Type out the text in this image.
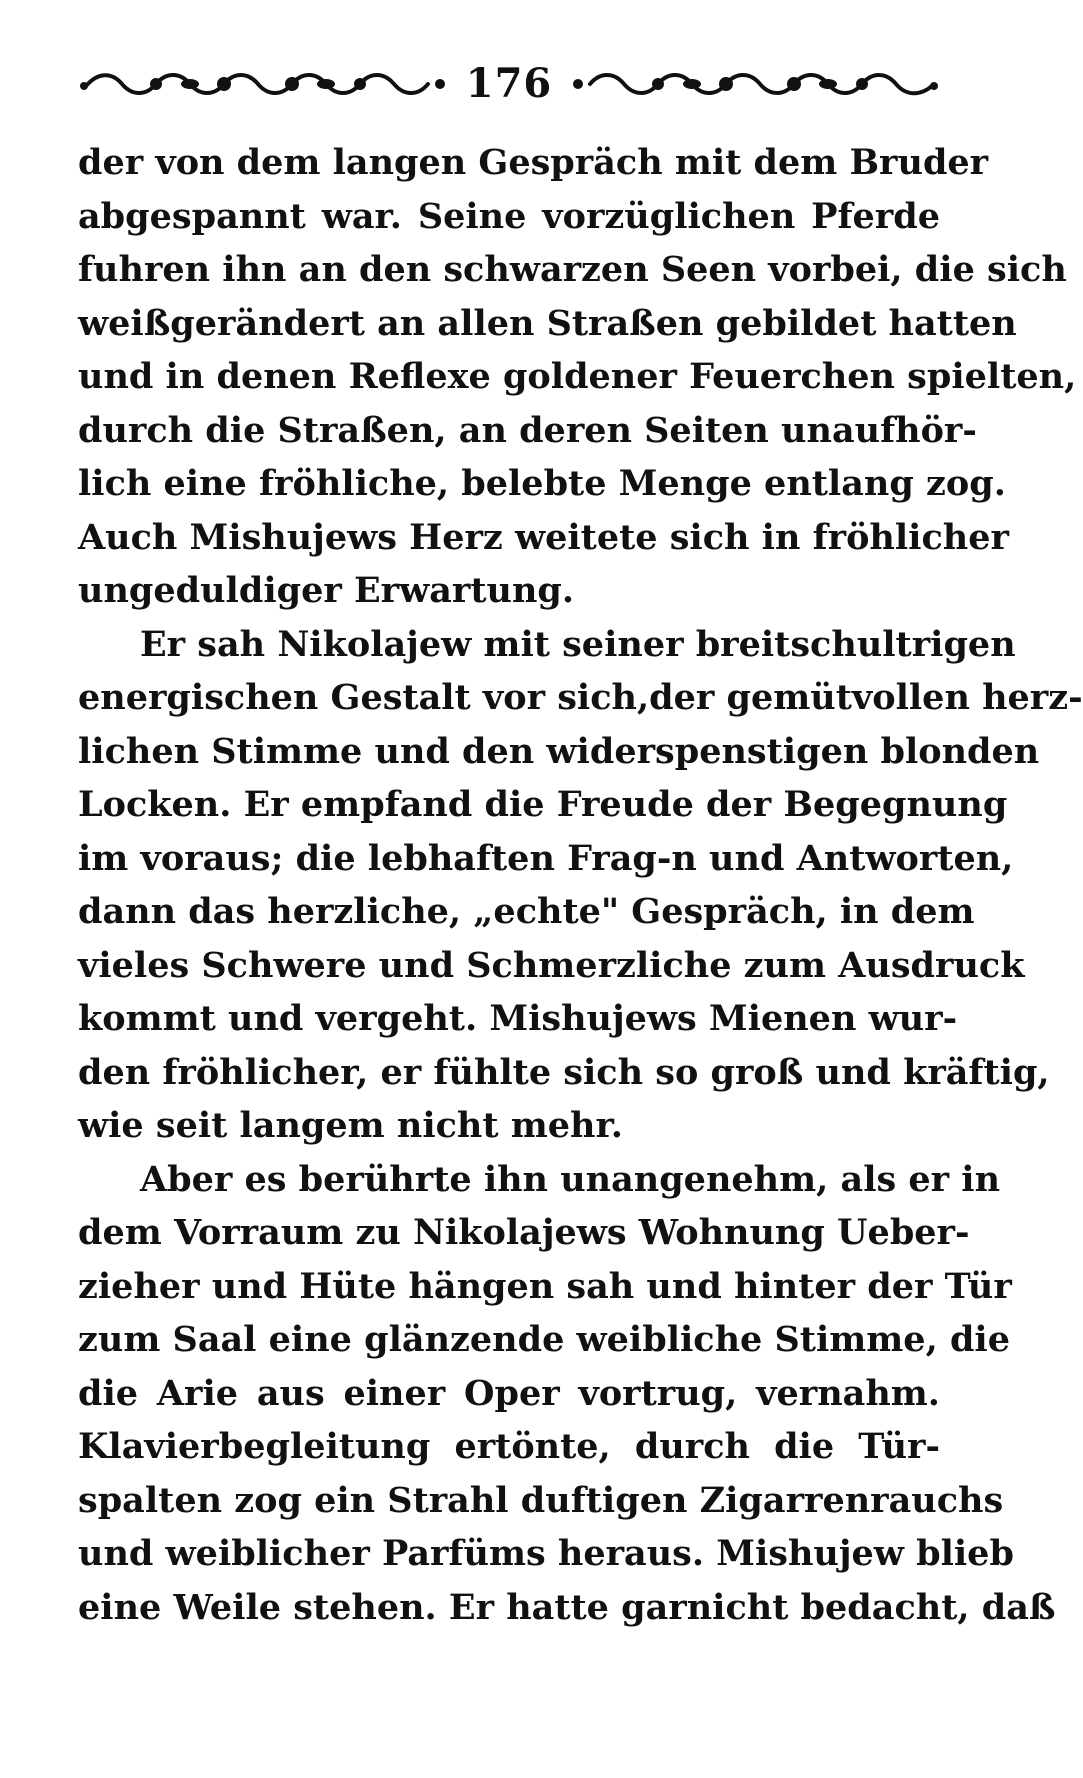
176
der von dem langen Gespräch mit dem Bruder
abgespannt war. Seine vorzüglichen Pferde
fuhren ihn an den schwarzen Seen vorbei, die sich
weißgerändert an allen Straßen gebildet hatten
und in denen Reflexe goldener Feuerchen spielten,
durch die Straßen, an deren Seiten unaufhör-
lich eine fröhliche, belebte Menge entlang zog.
Auch Mishujews Herz weitete sich in fröhlicher
ungeduldiger Erwartung.
Er sah Nikolajew mit seiner breitschultrigen
energischen Gestalt vor sich,der gemütvollen herz-
lichen Stimme und den widerspenstigen blonden
Locken. Er empfand die Freude der Begegnung
im voraus; die lebhaften Frag-n und Antworten,
dann das herzliche, „echte" Gespräch, in dem
vieles Schwere und Schmerzliche zum Ausdruck
kommt und vergeht. Mishujews Mienen wur-
den fröhlicher, er fühlte sich so groß und kräftig,
wie seit langem nicht mehr.
Aber es berührte ihn unangenehm, als er in
dem Vorraum zu Nikolajews Wohnung Ueber-
zieher und Hüte hängen sah und hinter der Tür
zum Saal eine glänzende weibliche Stimme, die
die Arie aus einer Oper vortrug, vernahm.
Klavierbegleitung ertönte, durch die Tür-
spalten zog ein Strahl duftigen Zigarrenrauchs
und weiblicher Parfüms heraus. Mishujew blieb
eine Weile stehen. Er hatte garnicht bedacht, daß
